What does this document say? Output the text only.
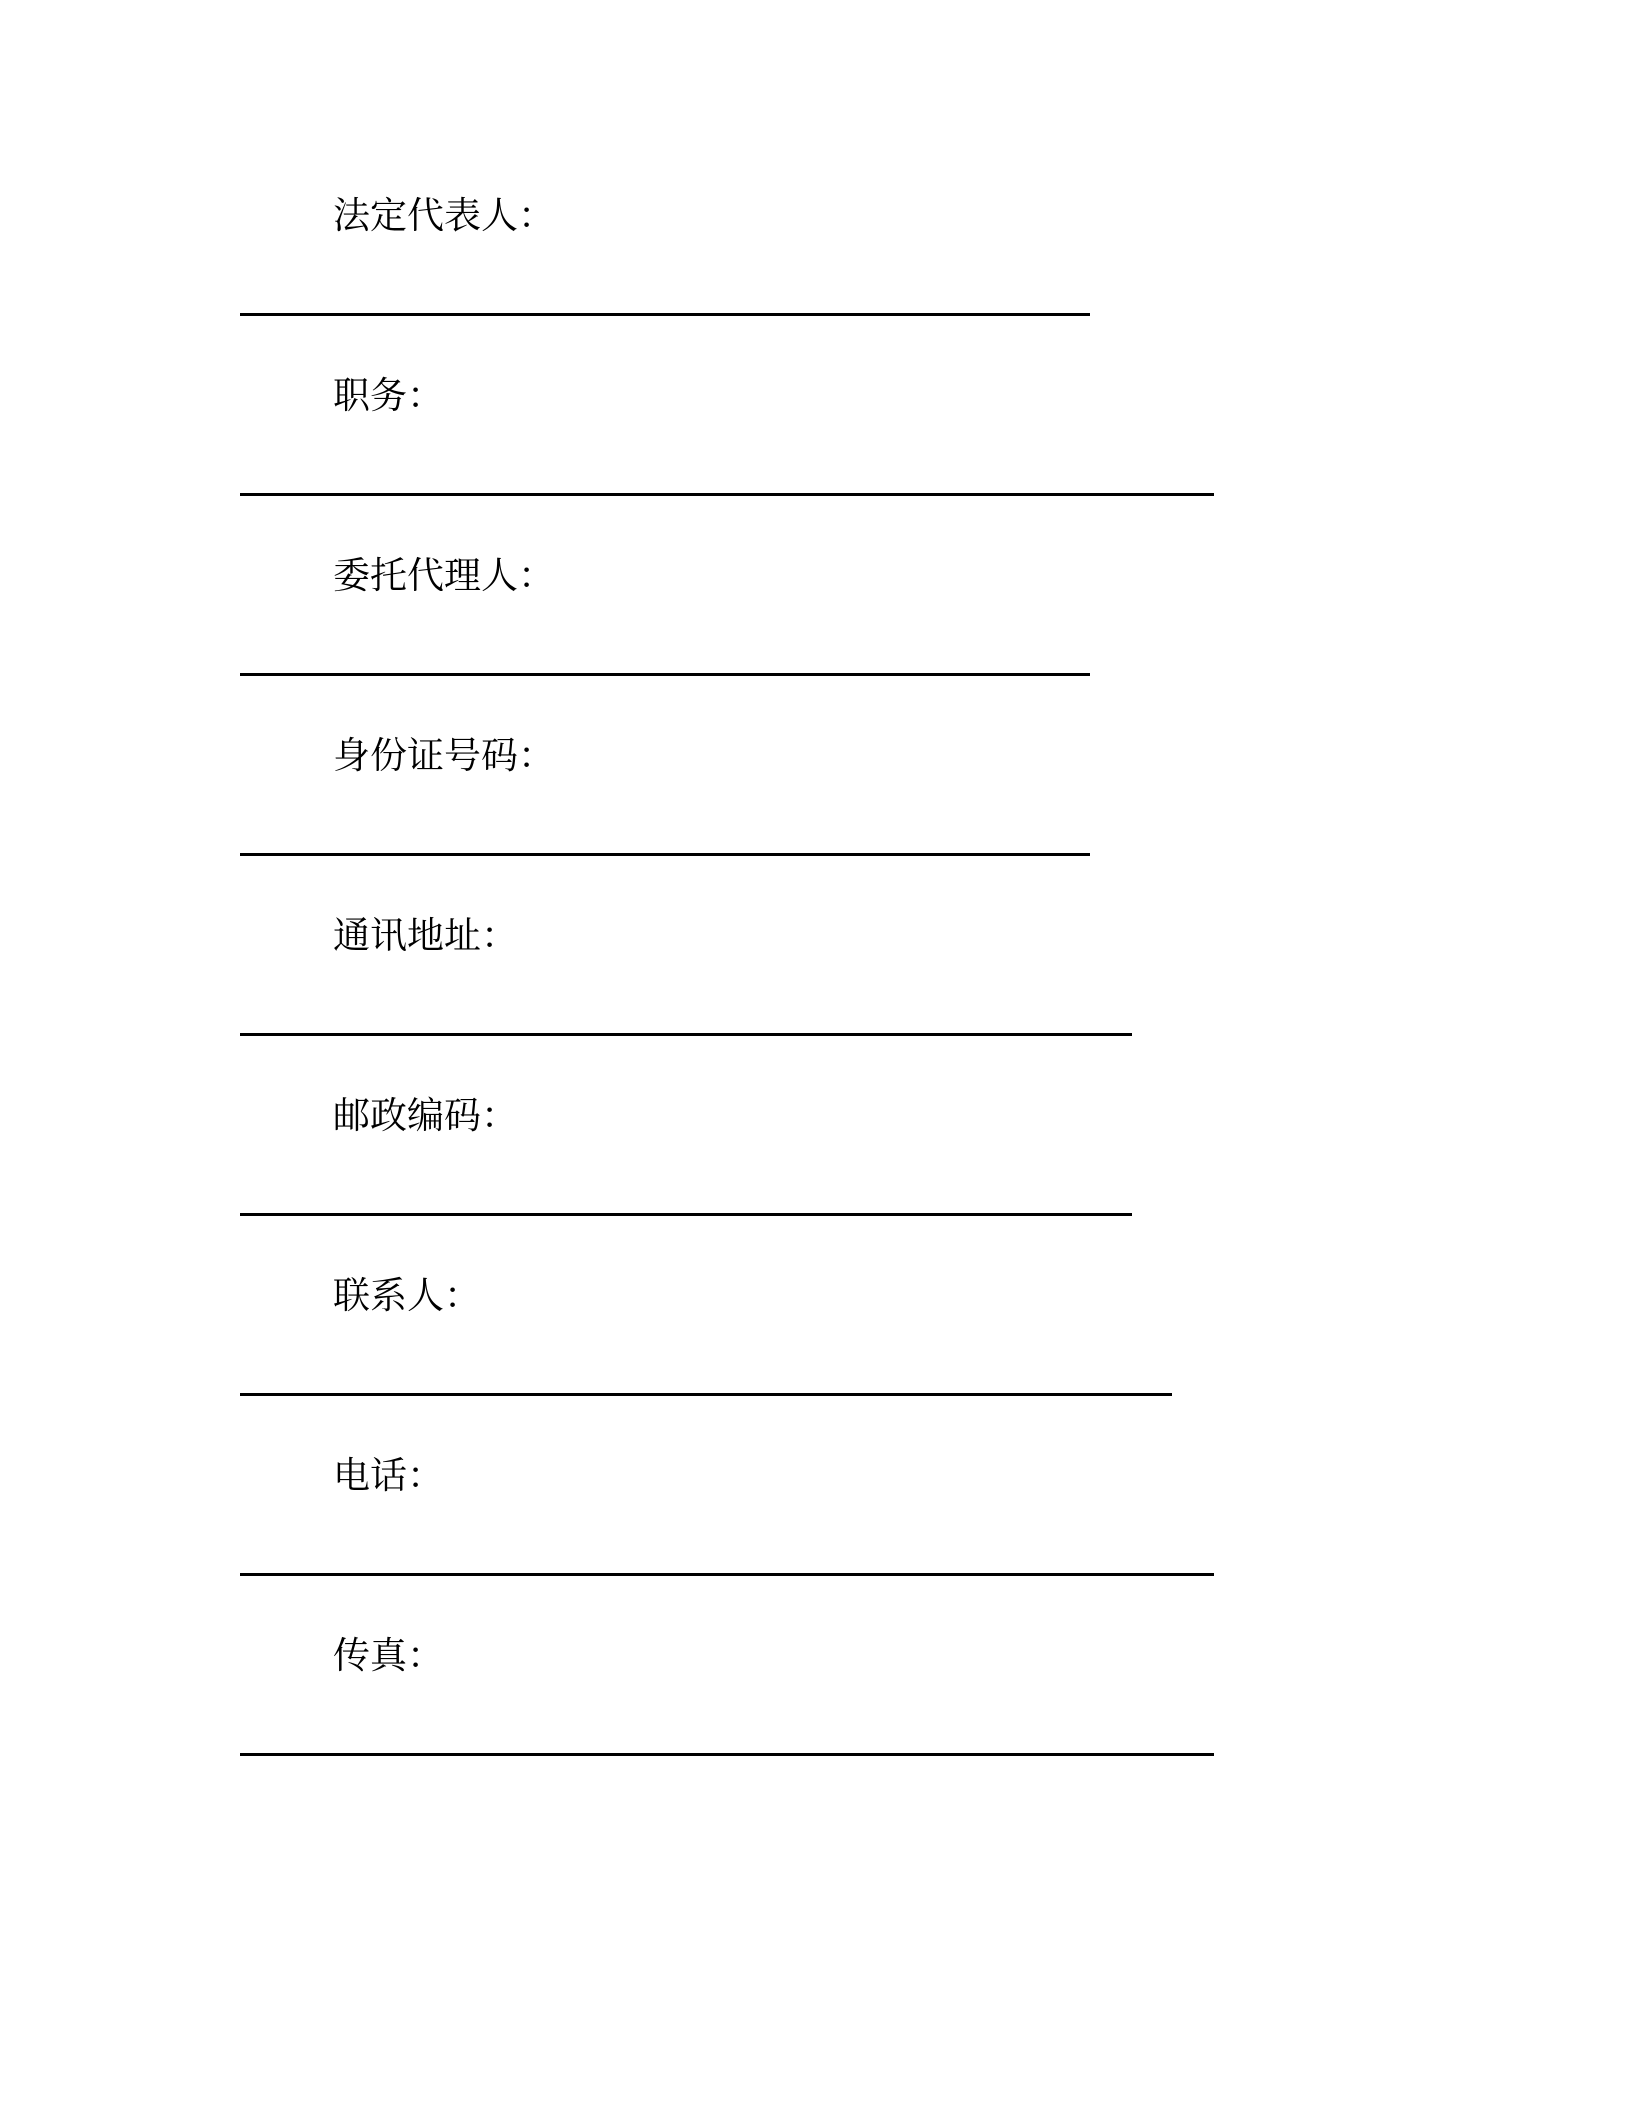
法定代表人：
职务：
委托代理人：
身份证号码：
通讯地址：
邮政编码：
联系人：
电话：
传真：
